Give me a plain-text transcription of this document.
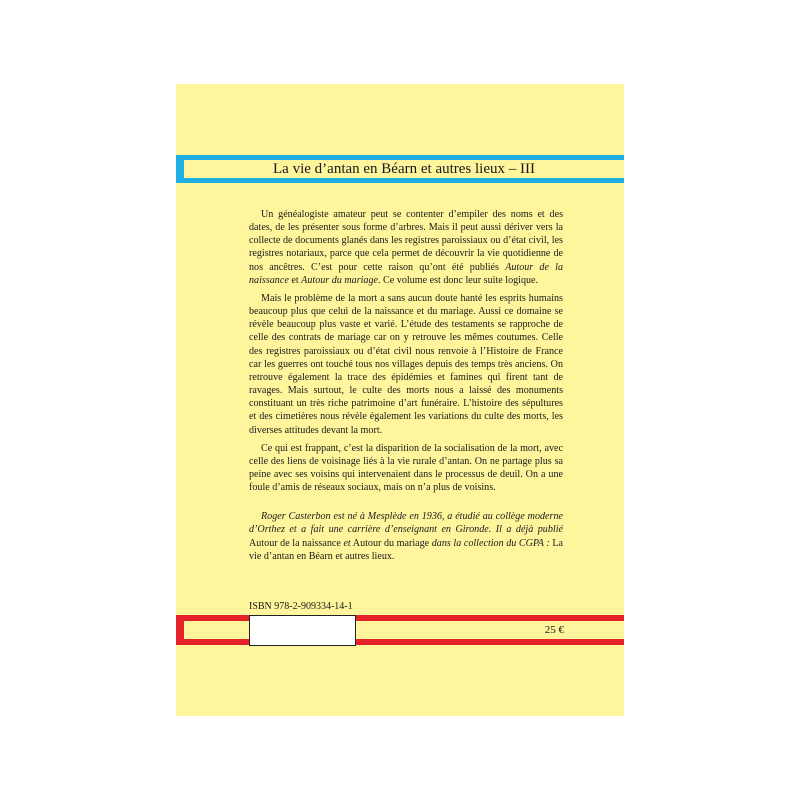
La vie d’antan en Béarn et autres lieux – III

Un généalogiste amateur peut se contenter d’empiler des noms et des dates, de les présenter sous forme d’arbres. Mais il peut aussi dériver vers la collecte de documents glanés dans les registres paroissiaux ou d’état civil, les registres notariaux, parce que cela permet de découvrir la vie quotidienne de nos ancêtres. C’est pour cette raison qu’ont été publiés Autour de la naissance et Autour du mariage. Ce volume est donc leur suite logique.

Mais le problème de la mort a sans aucun doute hanté les esprits humains beaucoup plus que celui de la naissance et du mariage. Aussi ce domaine se révèle beaucoup plus vaste et varié. L’étude des testaments se rapproche de celle des contrats de mariage car on y retrouve les mêmes coutumes. Celle des registres paroissiaux ou d’état civil nous renvoie à l’Histoire de France car les guerres ont touché tous nos villages depuis des temps très anciens. On retrouve également la trace des épidémies et famines qui firent tant de ravages. Mais surtout, le culte des morts nous a laissé des monuments constituant un très riche patrimoine d’art funéraire. L’histoire des sépultures et des cimetières nous révèle également les variations du culte des morts, les diverses attitudes devant la mort.

Ce qui est frappant, c’est la disparition de la socialisation de la mort, avec celle des liens de voisinage liés à la vie rurale d’antan. On ne partage plus sa peine avec ses voisins qui intervenaient dans le processus de deuil. On a une foule d’amis de réseaux sociaux, mais on n’a plus de voisins.

Roger Casterbon est né à Mesplède en 1936, a étudié au collège moderne d’Orthez et a fait une carrière d’enseignant en Gironde. Il a déjà publié Autour de la naissance et Autour du mariage dans la collection du CGPA : La vie d’antan en Béarn et autres lieux.

ISBN 978-2-909334-14-1
25 €
